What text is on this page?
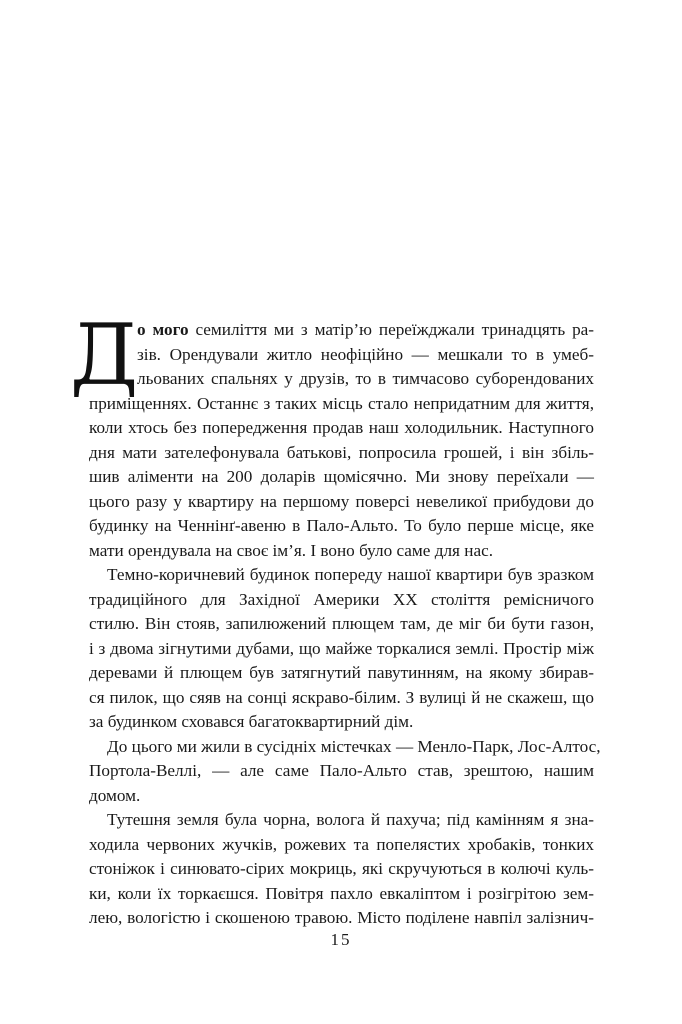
Д
о мого семиліття ми з матір’ю переїжджали тринадцять ра-
зів. Орендували житло неофіційно — мешкали то в умеб-
льованих спальнях у друзів, то в тимчасово суборендованих
приміщеннях. Останнє з таких місць стало непридатним для життя,
коли хтось без попередження продав наш холодильник. Наступного
дня мати зателефонувала батькові, попросила грошей, і він збіль-
шив аліменти на 200 доларів щомісячно. Ми знову переїхали —
цього разу у квартиру на першому поверсі невеликої прибудови до
будинку на Ченнінґ-авеню в Пало-Альто. То було перше місце, яке
мати орендувала на своє ім’я. І воно було саме для нас.
Темно-коричневий будинок попереду нашої квартири був зразком
традиційного для Західної Америки XX століття ремісничого
стилю. Він стояв, запилюжений плющем там, де міг би бути газон,
і з двома зігнутими дубами, що майже торкалися землі. Простір між
деревами й плющем був затягнутий павутинням, на якому збирав-
ся пилок, що сяяв на сонці яскраво-білим. З вулиці й не скажеш, що
за будинком сховався багатоквартирний дім.
До цього ми жили в сусідніх містечках — Менло-Парк, Лос-Алтос,
Портола-Веллі, — але саме Пало-Альто став, зрештою, нашим
домом.
Тутешня земля була чорна, волога й пахуча; під камінням я зна-
ходила червоних жучків, рожевих та попелястих хробаків, тонких
стоніжок і синювато-сірих мокриць, які скручуються в колючі куль-
ки, коли їх торкаєшся. Повітря пахло евкаліптом і розігрітою зем-
лею, вологістю і скошеною травою. Місто поділене навпіл залізнич-
15
